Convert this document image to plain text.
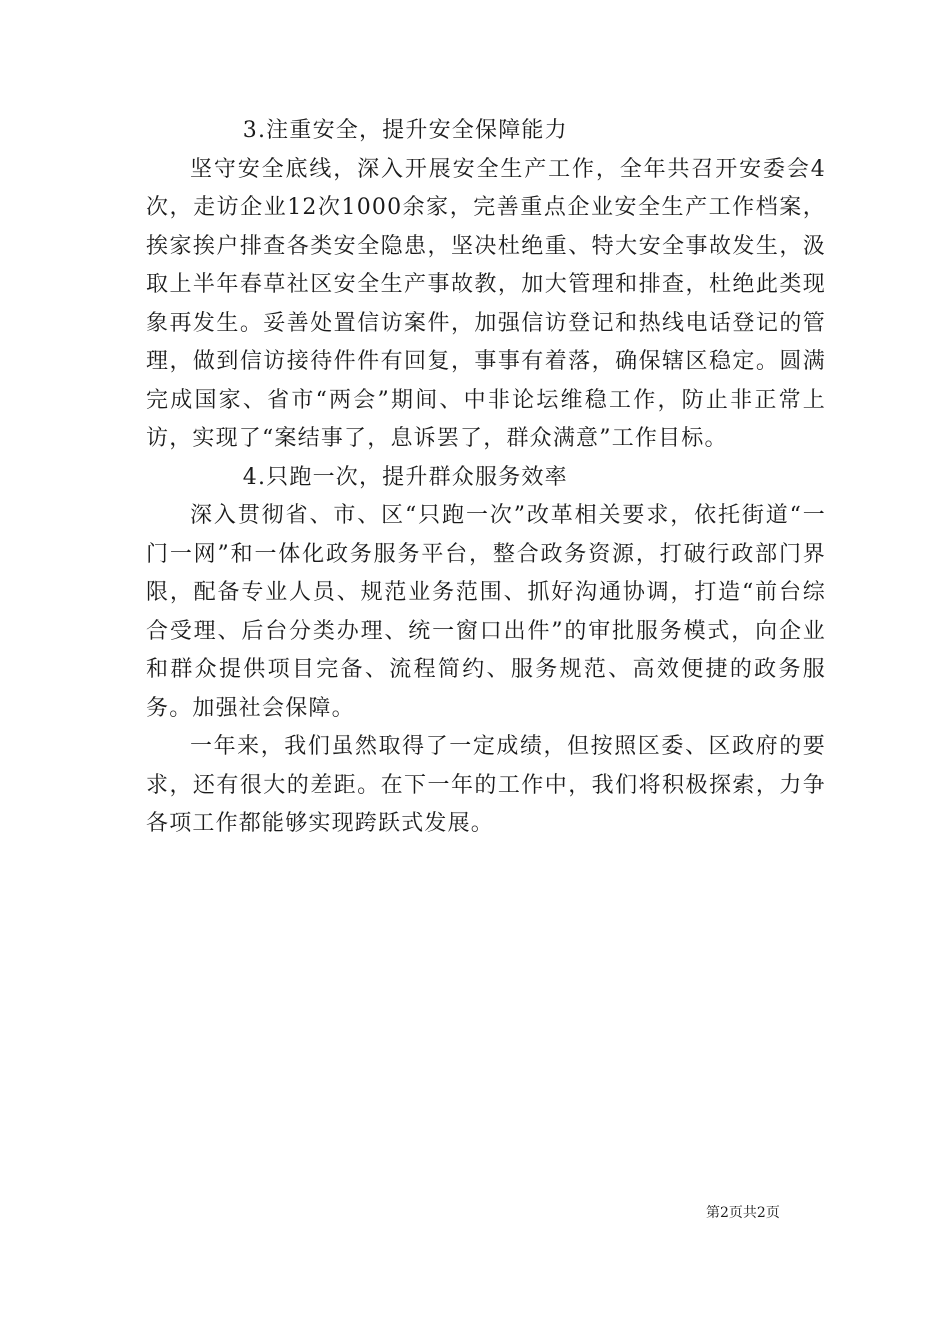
3.注重安全，提升安全保障能力

坚守安全底线，深入开展安全生产工作，全年共召开安委会4次，走访企业12次1000余家，完善重点企业安全生产工作档案，挨家挨户排查各类安全隐患，坚决杜绝重、特大安全事故发生，汲取上半年春草社区安全生产事故教，加大管理和排查，杜绝此类现象再发生。妥善处置信访案件，加强信访登记和热线电话登记的管理，做到信访接待件件有回复，事事有着落，确保辖区稳定。圆满完成国家、省市“两会”期间、中非论坛维稳工作，防止非正常上访，实现了“案结事了，息诉罢了，群众满意”工作目标。

4.只跑一次，提升群众服务效率

深入贯彻省、市、区“只跑一次”改革相关要求，依托街道“一门一网”和一体化政务服务平台，整合政务资源，打破行政部门界限，配备专业人员、规范业务范围、抓好沟通协调，打造“前台综合受理、后台分类办理、统一窗口出件”的审批服务模式，向企业和群众提供项目完备、流程简约、服务规范、高效便捷的政务服务。加强社会保障。

一年来，我们虽然取得了一定成绩，但按照区委、区政府的要求，还有很大的差距。在下一年的工作中，我们将积极探索，力争各项工作都能够实现跨跃式发展。

第2页共2页
